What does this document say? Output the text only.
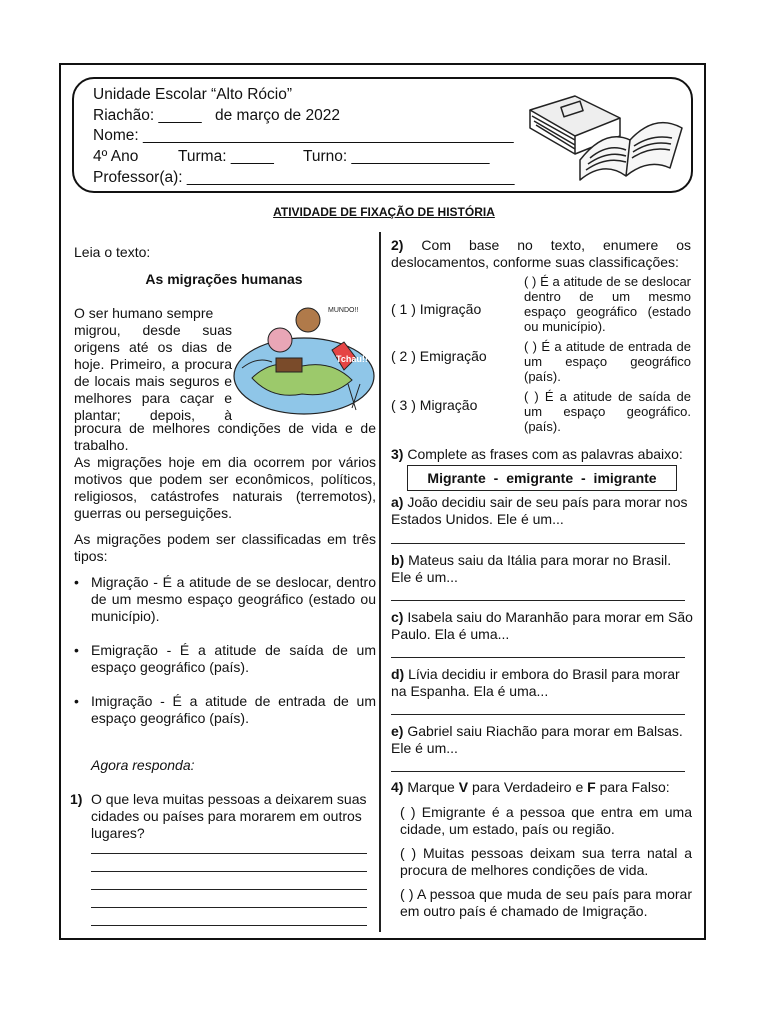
Unidade Escolar “Alto Rócio”
Riachão: _____ de março de 2022
Nome: ___________________________________________
4º Ano	Turma: _____ Turno: ________________
Professor(a): ______________________________________
ATIVIDADE DE FIXAÇÃO DE HISTÓRIA
Leia o texto:
As migrações humanas
O ser humano sempre
migrou, desde suas
origens até os dias de
hoje. Primeiro, a procura
de locais mais seguros e
melhores para caçar e
plantar; depois, à
Tchau!!
MUNDO!!
procura de melhores condições de vida e de trabalho.
As migrações hoje em dia ocorrem por vários motivos que podem ser econômicos, políticos, religiosos, catástrofes naturais (terremotos), guerras ou perseguições.
As migrações podem ser classificadas em três tipos:
• Migração - É a atitude de se deslocar, dentro de um mesmo espaço geográfico (estado ou município).
• Emigração - É a atitude de saída de um espaço geográfico (país).
• Imigração - É a atitude de entrada de um espaço geográfico (país).
Agora responda:
1) O que leva muitas pessoas a deixarem suas cidades ou países para morarem em outros lugares?
2) Com base no texto, enumere os deslocamentos, conforme suas classificações:
( 1 ) Imigração
( 2 ) Emigração
( 3 ) Migração
( ) É a atitude de se deslocar dentro de um mesmo espaço geográfico (estado ou município).
( ) É a atitude de entrada de um espaço geográfico (país).
( ) É a atitude de saída de um espaço geográfico. (país).
3) Complete as frases com as palavras abaixo:
Migrante - emigrante - imigrante
a) João decidiu sair de seu país para morar nos Estados Unidos. Ele é um...
b) Mateus saiu da Itália para morar no Brasil. Ele é um...
c) Isabela saiu do Maranhão para morar em São Paulo. Ela é uma...
d) Lívia decidiu ir embora do Brasil para morar na Espanha. Ela é uma...
e) Gabriel saiu Riachão para morar em Balsas. Ele é um...
4) Marque V para Verdadeiro e F para Falso:
( ) Emigrante é a pessoa que entra em uma cidade, um estado, país ou região.
( ) Muitas pessoas deixam sua terra natal a procura de melhores condições de vida.
( ) A pessoa que muda de seu país para morar em outro país é chamado de Imigração.
